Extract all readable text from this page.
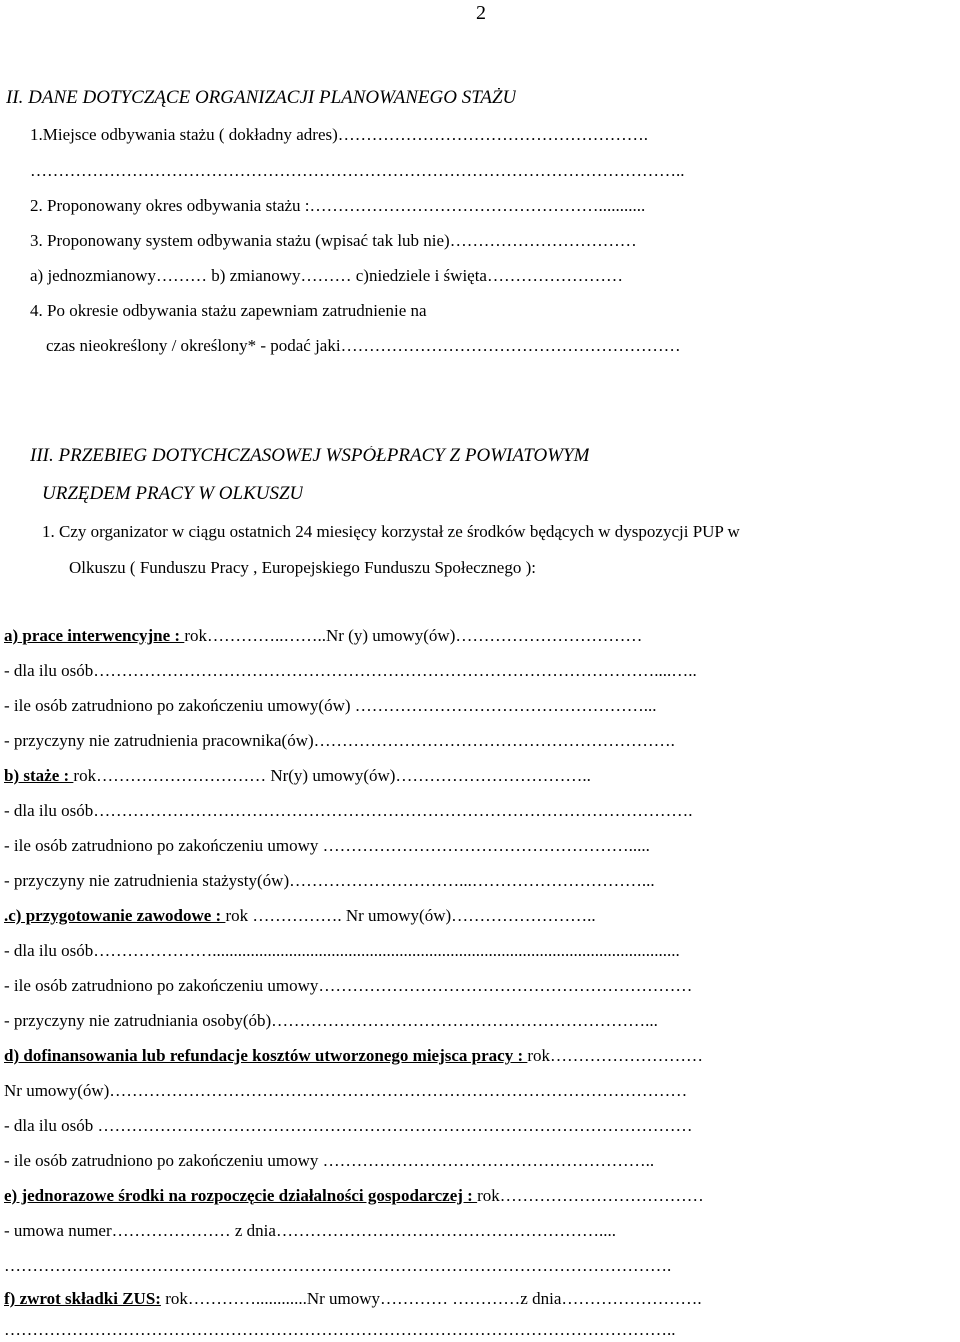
2
II. DANE DOTYCZĄCE ORGANIZACJI PLANOWANEGO STAŻU
1.Miejsce odbywania stażu ( dokładny adres)……………………………………………….
……………………………………………………………………………………………………..
2. Proponowany okres odbywania stażu :……………………………………………...........
3. Proponowany system odbywania stażu (wpisać tak lub nie)……………………………
a) jednozmianowy……… b) zmianowy……… c)niedziele i święta……………………
4. Po okresie odbywania stażu zapewniam zatrudnienie na
czas nieokreślony / określony* - podać jaki……………………………………………………
III. PRZEBIEG DOTYCHCZASOWEJ WSPÓŁPRACY Z POWIATOWYM
URZĘDEM PRACY W OLKUSZU
1. Czy organizator w ciągu ostatnich 24 miesięcy korzystał ze środków będących w dyspozycji PUP w
Olkuszu ( Funduszu Pracy , Europejskiego Funduszu Społecznego ):
a) prace interwencyjne : rok…………..……..Nr (y) umowy(ów)……………………………
- dla ilu osób………………………………………………………………………………………....…..
- ile osób zatrudniono po zakończeniu umowy(ów) ……………………………………………...
- przyczyny nie zatrudnienia pracownika(ów)……………………………………………………….
b) staże : rok………………………… Nr(y) umowy(ów)……………………………..
- dla ilu osób…………………………………………………………………………………………….
- ile osób zatrudniono po zakończeniu umowy ……………………………………………….....
- przyczyny nie zatrudnienia stażysty(ów)…………………………...…………………………...
.c) przygotowanie zawodowe : rok ……………. Nr umowy(ów)……………………..
- dla ilu osób…………………..............................................................................................................
- ile osób zatrudniono po zakończeniu umowy…………………………………………………………
- przyczyny nie zatrudniania osoby(ób)…………………………………………………………...
d) dofinansowania lub refundacje kosztów utworzonego miejsca pracy : rok………………………
Nr umowy(ów)…………………………………………………………………………………………
- dla ilu osób ……………………………………………………………………………………………
- ile osób zatrudniono po zakończeniu umowy …………………………………………………..
e) jednorazowe środki na rozpoczęcie działalności gospodarczej : rok………………………………
- umowa numer………………… z dnia…………………………………………………....
……………………………………………………………………………………………………….
f) zwrot składki ZUS: rok…………............Nr umowy………… …………z dnia…………………….
………………………………………………………………………………………………………..
